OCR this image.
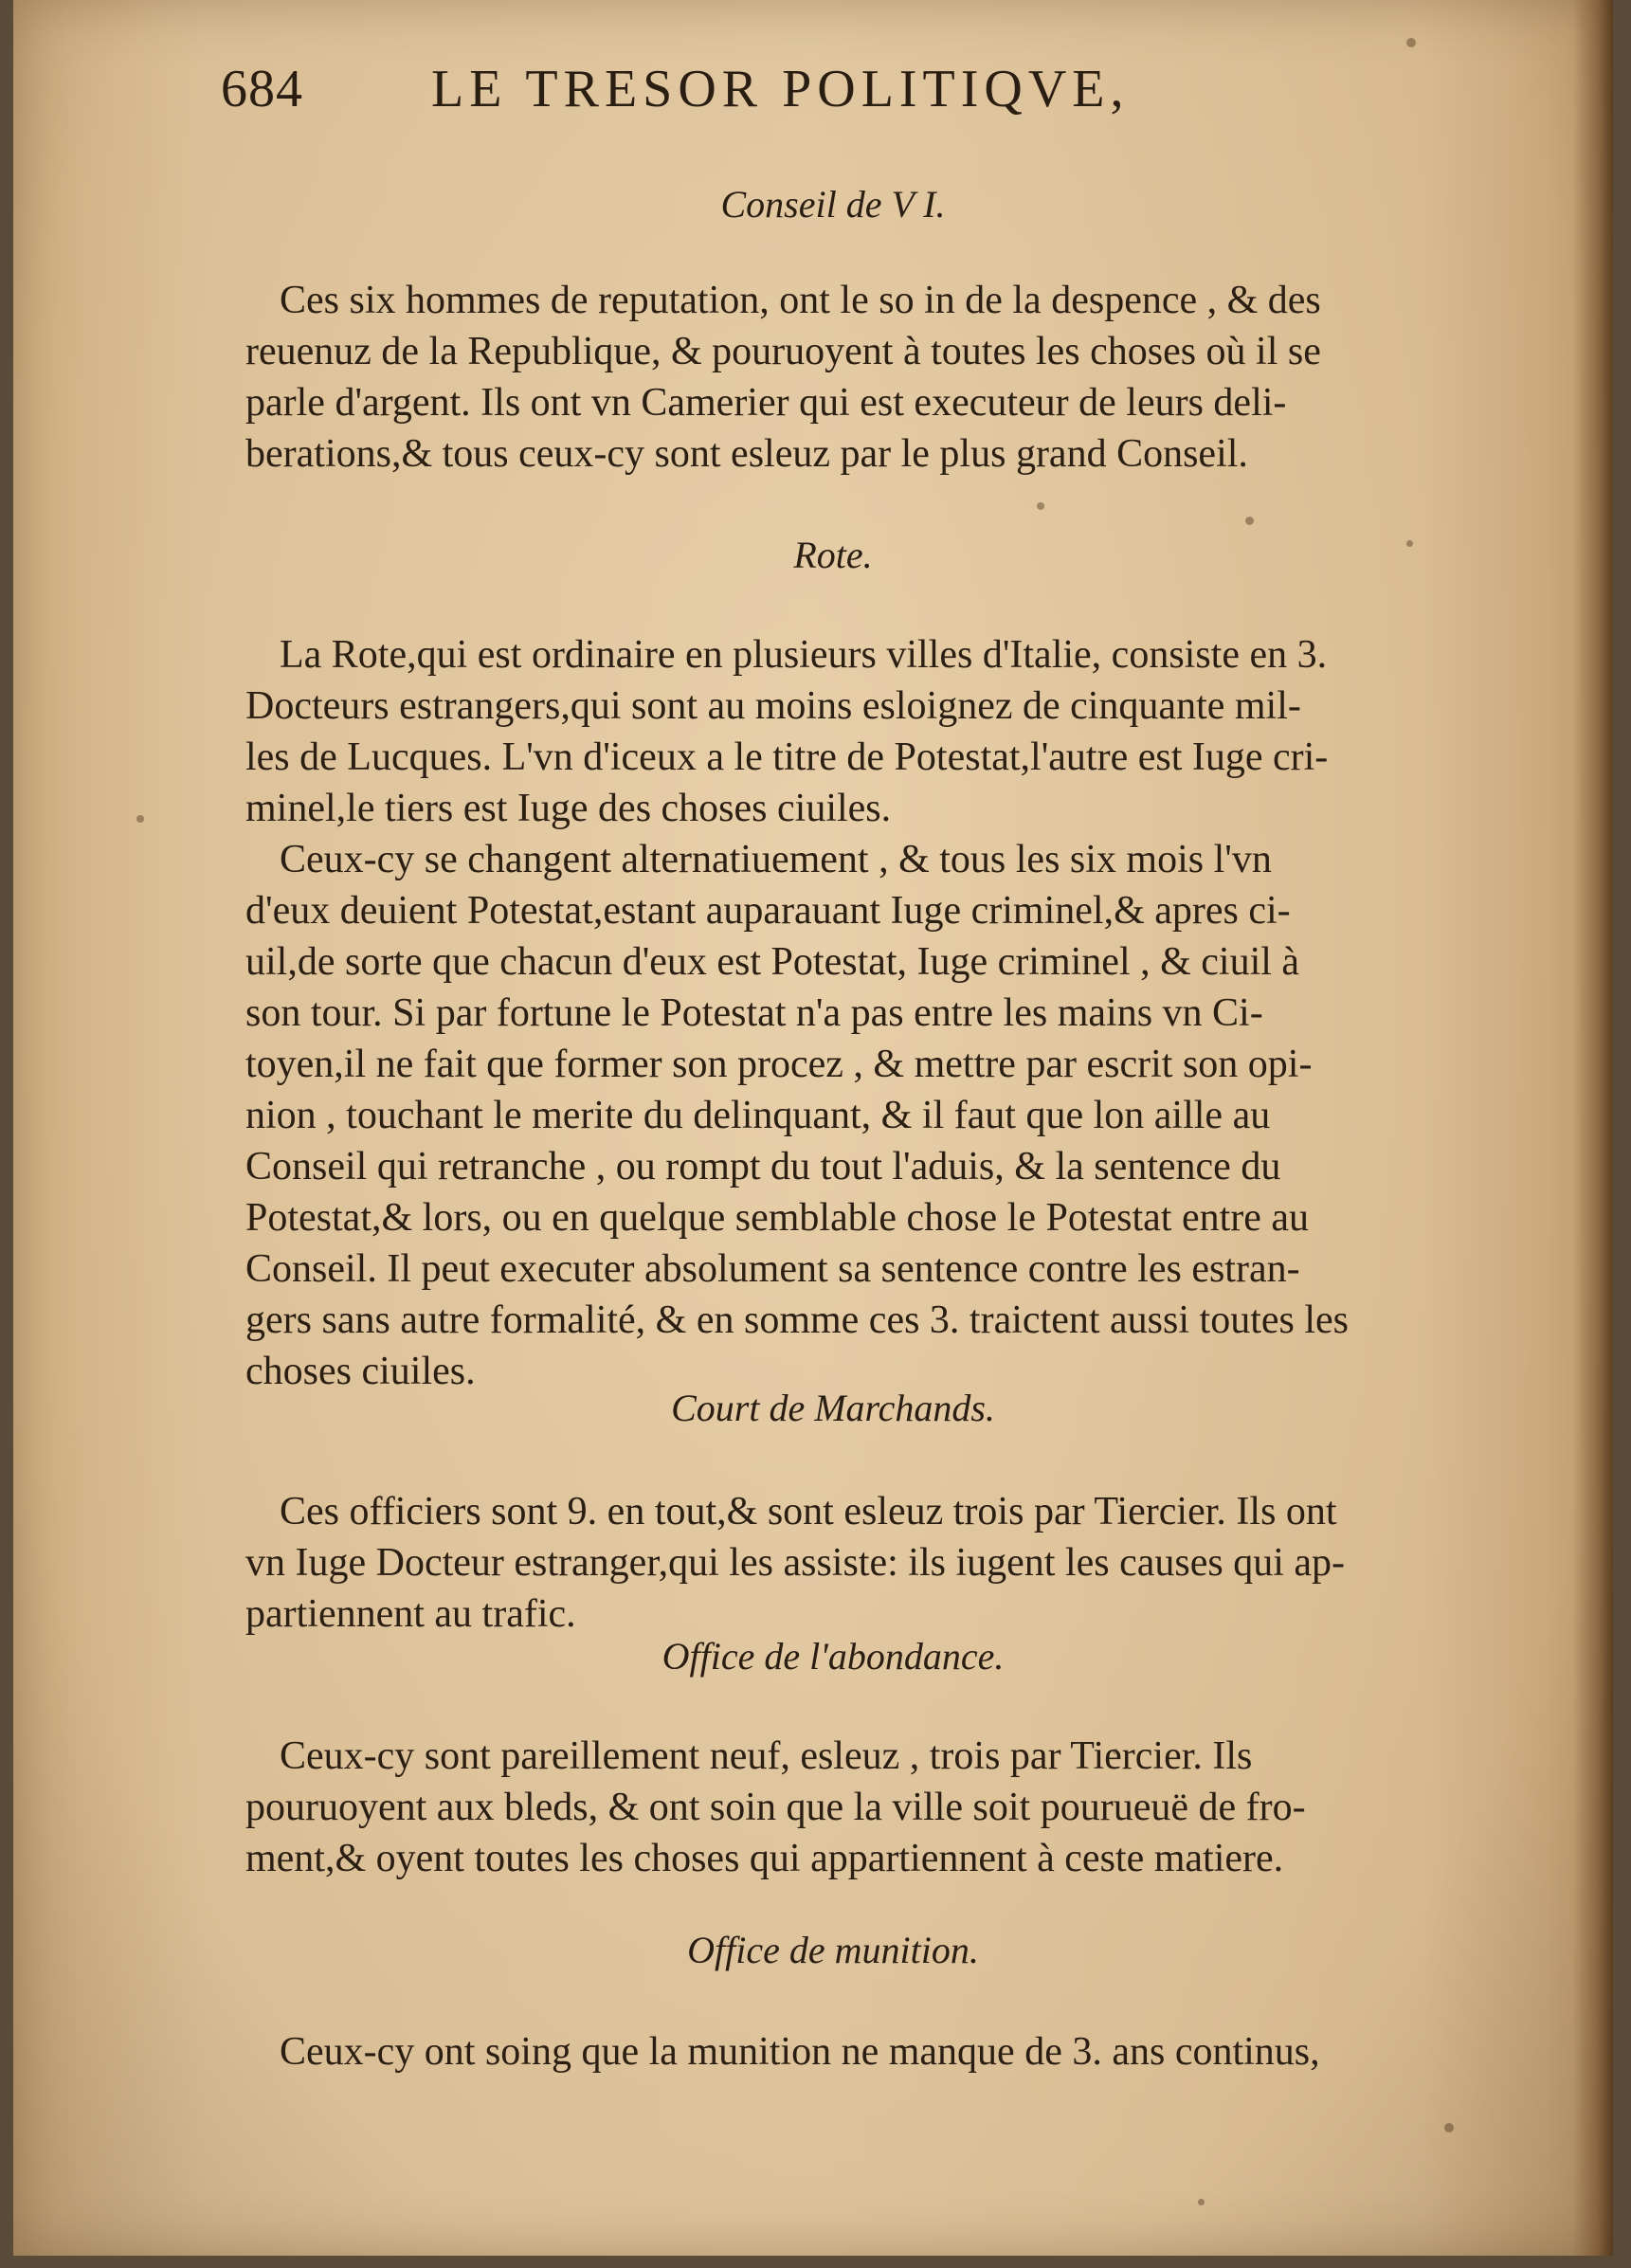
684 LE TRESOR POLITIQVE,
Conseil de V I.
Ces six hommes de reputation, ont le so in de la despence , & des
reuenuz de la Republique, & pouruoyent à toutes les choses où il se
parle d'argent. Ils ont vn Camerier qui est executeur de leurs deli-
berations,& tous ceux-cy sont esleuz par le plus grand Conseil.
Rote.
La Rote,qui est ordinaire en plusieurs villes d'Italie, consiste en 3.
Docteurs estrangers,qui sont au moins esloignez de cinquante mil-
les de Lucques. L'vn d'iceux a le titre de Potestat,l'autre est Iuge cri-
minel,le tiers est Iuge des choses ciuiles.
Ceux-cy se changent alternatiuement , & tous les six mois l'vn
d'eux deuient Potestat,estant auparauant Iuge criminel,& apres ci-
uil,de sorte que chacun d'eux est Potestat, Iuge criminel , & ciuil à
son tour. Si par fortune le Potestat n'a pas entre les mains vn Ci-
toyen,il ne fait que former son procez , & mettre par escrit son opi-
nion , touchant le merite du delinquant, & il faut que lon aille au
Conseil qui retranche , ou rompt du tout l'aduis, & la sentence du
Potestat,& lors, ou en quelque semblable chose le Potestat entre au
Conseil. Il peut executer absolument sa sentence contre les estran-
gers sans autre formalité, & en somme ces 3. traictent aussi toutes les
choses ciuiles.
Court de Marchands.
Ces officiers sont 9. en tout,& sont esleuz trois par Tiercier. Ils ont
vn Iuge Docteur estranger,qui les assiste: ils iugent les causes qui ap-
partiennent au trafic.
Office de l'abondance.
Ceux-cy sont pareillement neuf, esleuz , trois par Tiercier. Ils
pouruoyent aux bleds, & ont soin que la ville soit pourueuë de fro-
ment,& oyent toutes les choses qui appartiennent à ceste matiere.
Office de munition.
Ceux-cy ont soing que la munition ne manque de 3. ans continus,
